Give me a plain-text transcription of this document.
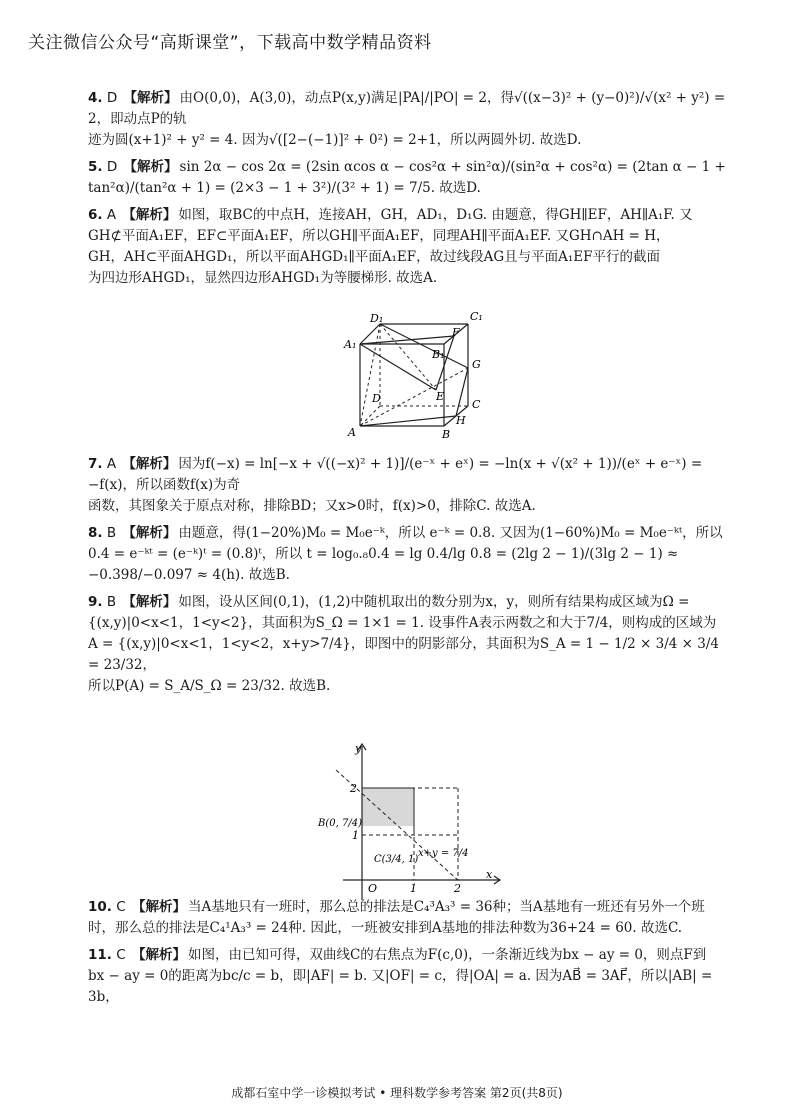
关注微信公众号“高斯课堂”，下载高中数学精品资料
4. D 【解析】 由O(0,0)，A(3,0)，动点P(x,y)满足|PA|/|PO| = 2，得√((x−3)² + (y−0)²)/√(x² + y²) = 2，即动点P的轨
迹为圆(x+1)² + y² = 4. 因为√([2−(−1)]² + 0²) = 2+1，所以两圆外切. 故选D.
5. D 【解析】 sin 2α − cos 2α = (2sin αcos α − cos²α + sin²α)/(sin²α + cos²α) = (2tan α − 1 + tan²α)/(tan²α + 1) = (2×3 − 1 + 3²)/(3² + 1) = 7/5. 故选D.
6. A 【解析】 如图，取BC的中点H，连接AH，GH，AD₁，D₁G. 由题意，得GH∥EF，AH∥A₁F. 又
GH⊄平面A₁EF，EF⊂平面A₁EF，所以GH∥平面A₁EF，同理AH∥平面A₁EF. 又GH∩AH = H，
GH，AH⊂平面AHGD₁，所以平面AHGD₁∥平面A₁EF，故过线段AG且与平面A₁EF平行的截面
为四边形AHGD₁，显然四边形AHGD₁为等腰梯形. 故选A.
7. A 【解析】 因为f(−x) = ln[−x + √((−x)² + 1)]/(e⁻ˣ + eˣ) = −ln(x + √(x² + 1))/(eˣ + e⁻ˣ) = −f(x)，所以函数f(x)为奇
函数，其图象关于原点对称，排除BD；又x>0时，f(x)>0，排除C. 故选A.
8. B 【解析】 由题意，得(1−20%)M₀ = M₀e⁻ᵏ，所以 e⁻ᵏ = 0.8. 又因为(1−60%)M₀ = M₀e⁻ᵏᵗ，所以
0.4 = e⁻ᵏᵗ = (e⁻ᵏ)ᵗ = (0.8)ᵗ，所以 t = log₀.₈0.4 = lg 0.4/lg 0.8 = (2lg 2 − 1)/(3lg 2 − 1) ≈ −0.398/−0.097 ≈ 4(h). 故选B.
9. B 【解析】 如图，设从区间(0,1)，(1,2)中随机取出的数分别为x，y，则所有结果构成区域为Ω =
{(x,y)|0<x<1，1<y<2}，其面积为S_Ω = 1×1 = 1. 设事件A表示两数之和大于7/4，则构成的区域为
A = {(x,y)|0<x<1，1<y<2，x+y>7/4}，即图中的阴影部分，其面积为S_A = 1 − 1/2 × 3/4 × 3/4 = 23/32，
所以P(A) = S_A/S_Ω = 23/32. 故选B.
10. C 【解析】 当A基地只有一班时，那么总的排法是C₄³A₃³ = 36种；当A基地有一班还有另外一个班
时，那么总的排法是C₄¹A₃³ = 24种. 因此，一班被安排到A基地的排法种数为36+24 = 60. 故选C.
11. C 【解析】 如图，由已知可得，双曲线C的右焦点为F(c,0)，一条渐近线为bx − ay = 0，则点F到
bx − ay = 0的距离为bc/c = b，即|AF| = b. 又|OF| = c，得|OA| = a. 因为AB⃗ = 3AF⃗，所以|AB| = 3b，
D₁	C₁
A₁
B₁
F
G
D	E
C
H
A	B
y
x
O
2
1
1	2
B(0, 7/4)
C(3/4, 1)
x+y = 7/4
成都石室中学一诊模拟考试 • 理科数学参考答案 第2页(共8页)
